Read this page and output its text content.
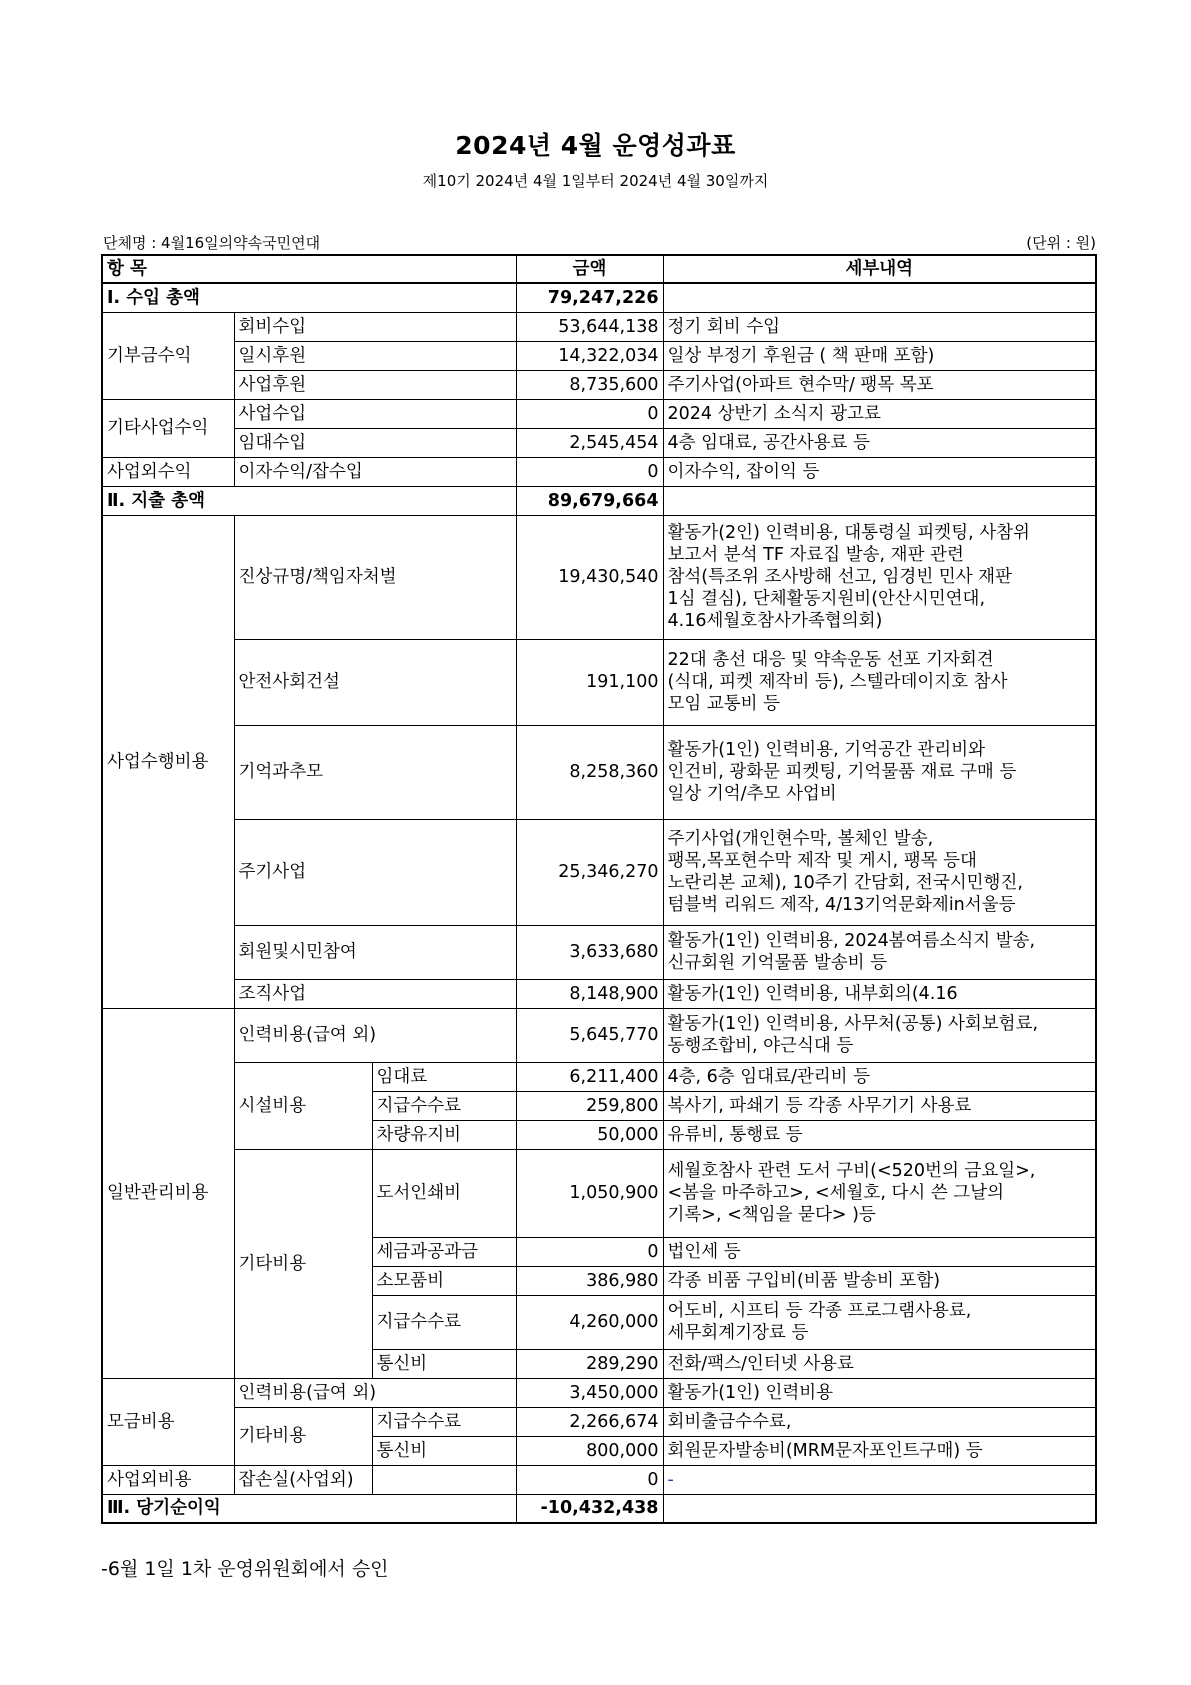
2024년 4월 운영성과표
제10기 2024년 4월 1일부터 2024년 4월 30일까지
단체명 : 4월16일의약속국민연대	(단위 : 원)
항 목			금액	세부내역
Ⅰ. 수입 총액			79,247,226	
기부금수익	회비수입		53,644,138	정기 회비 수입
	일시후원		14,322,034	일상 부정기 후원금 ( 책 판매 포함)
	사업후원		8,735,600	주기사업(아파트 현수막/ 팽목 목포
기타사업수익	사업수입		0	2024 상반기 소식지 광고료
	임대수입		2,545,454	4층 임대료, 공간사용료 등
사업외수익	이자수익/잡수입		0	이자수익, 잡이익 등
Ⅱ. 지출 총액			89,679,664	
사업수행비용	진상규명/책임자처벌		19,430,540	활동가(2인) 인력비용, 대통령실 피켓팅, 사참위
보고서 분석 TF 자료집 발송, 재판 관련
참석(특조위 조사방해 선고, 임경빈 민사 재판
1심 결심), 단체활동지원비(안산시민연대,
4.16세월호참사가족협의회)

	안전사회건설		191,100	22대 총선 대응 및 약속운동 선포 기자회견
(식대, 피켓 제작비 등), 스텔라데이지호 참사
모임 교통비 등

	기억과추모		8,258,360	활동가(1인) 인력비용, 기억공간 관리비와
인건비, 광화문 피켓팅, 기억물품 재료 구매 등
일상 기억/추모 사업비

	주기사업		25,346,270	주기사업(개인현수막, 볼체인 발송,
팽목,목포현수막 제작 및 게시, 팽목 등대
노란리본 교체), 10주기 간담회, 전국시민행진,
텀블벅 리워드 제작, 4/13기억문화제in서울등

	회원및시민참여		3,633,680	활동가(1인) 인력비용, 2024봄여름소식지 발송,
신규회원 기억물품 발송비 등

	조직사업		8,148,900	활동가(1인) 인력비용, 내부회의(4.16
일반관리비용	인력비용(급여 외)		5,645,770	활동가(1인) 인력비용, 사무처(공통) 사회보험료,
동행조합비, 야근식대 등

	시설비용	임대료	6,211,400	4층, 6층 임대료/관리비 등
		지급수수료	259,800	복사기, 파쇄기 등 각종 사무기기 사용료
		차량유지비	50,000	유류비, 통행료 등
	기타비용	도서인쇄비	1,050,900	세월호참사 관련 도서 구비(<520번의 금요일>,
<봄을 마주하고>, <세월호, 다시 쓴 그날의
기록>, <책임을 묻다> )등

		세금과공과금	0	법인세 등
		소모품비	386,980	각종 비품 구입비(비품 발송비 포함)
		지급수수료	4,260,000	어도비, 시프티 등 각종 프로그램사용료,
세무회계기장료 등

		통신비	289,290	전화/팩스/인터넷 사용료
모금비용	인력비용(급여 외)		3,450,000	활동가(1인) 인력비용
	기타비용	지급수수료	2,266,674	회비출금수수료,
		통신비	800,000	회원문자발송비(MRM문자포인트구매) 등
사업외비용	잡손실(사업외)		0	-
Ⅲ. 당기순이익			-10,432,438	
-6월 1일 1차 운영위원회에서 승인
